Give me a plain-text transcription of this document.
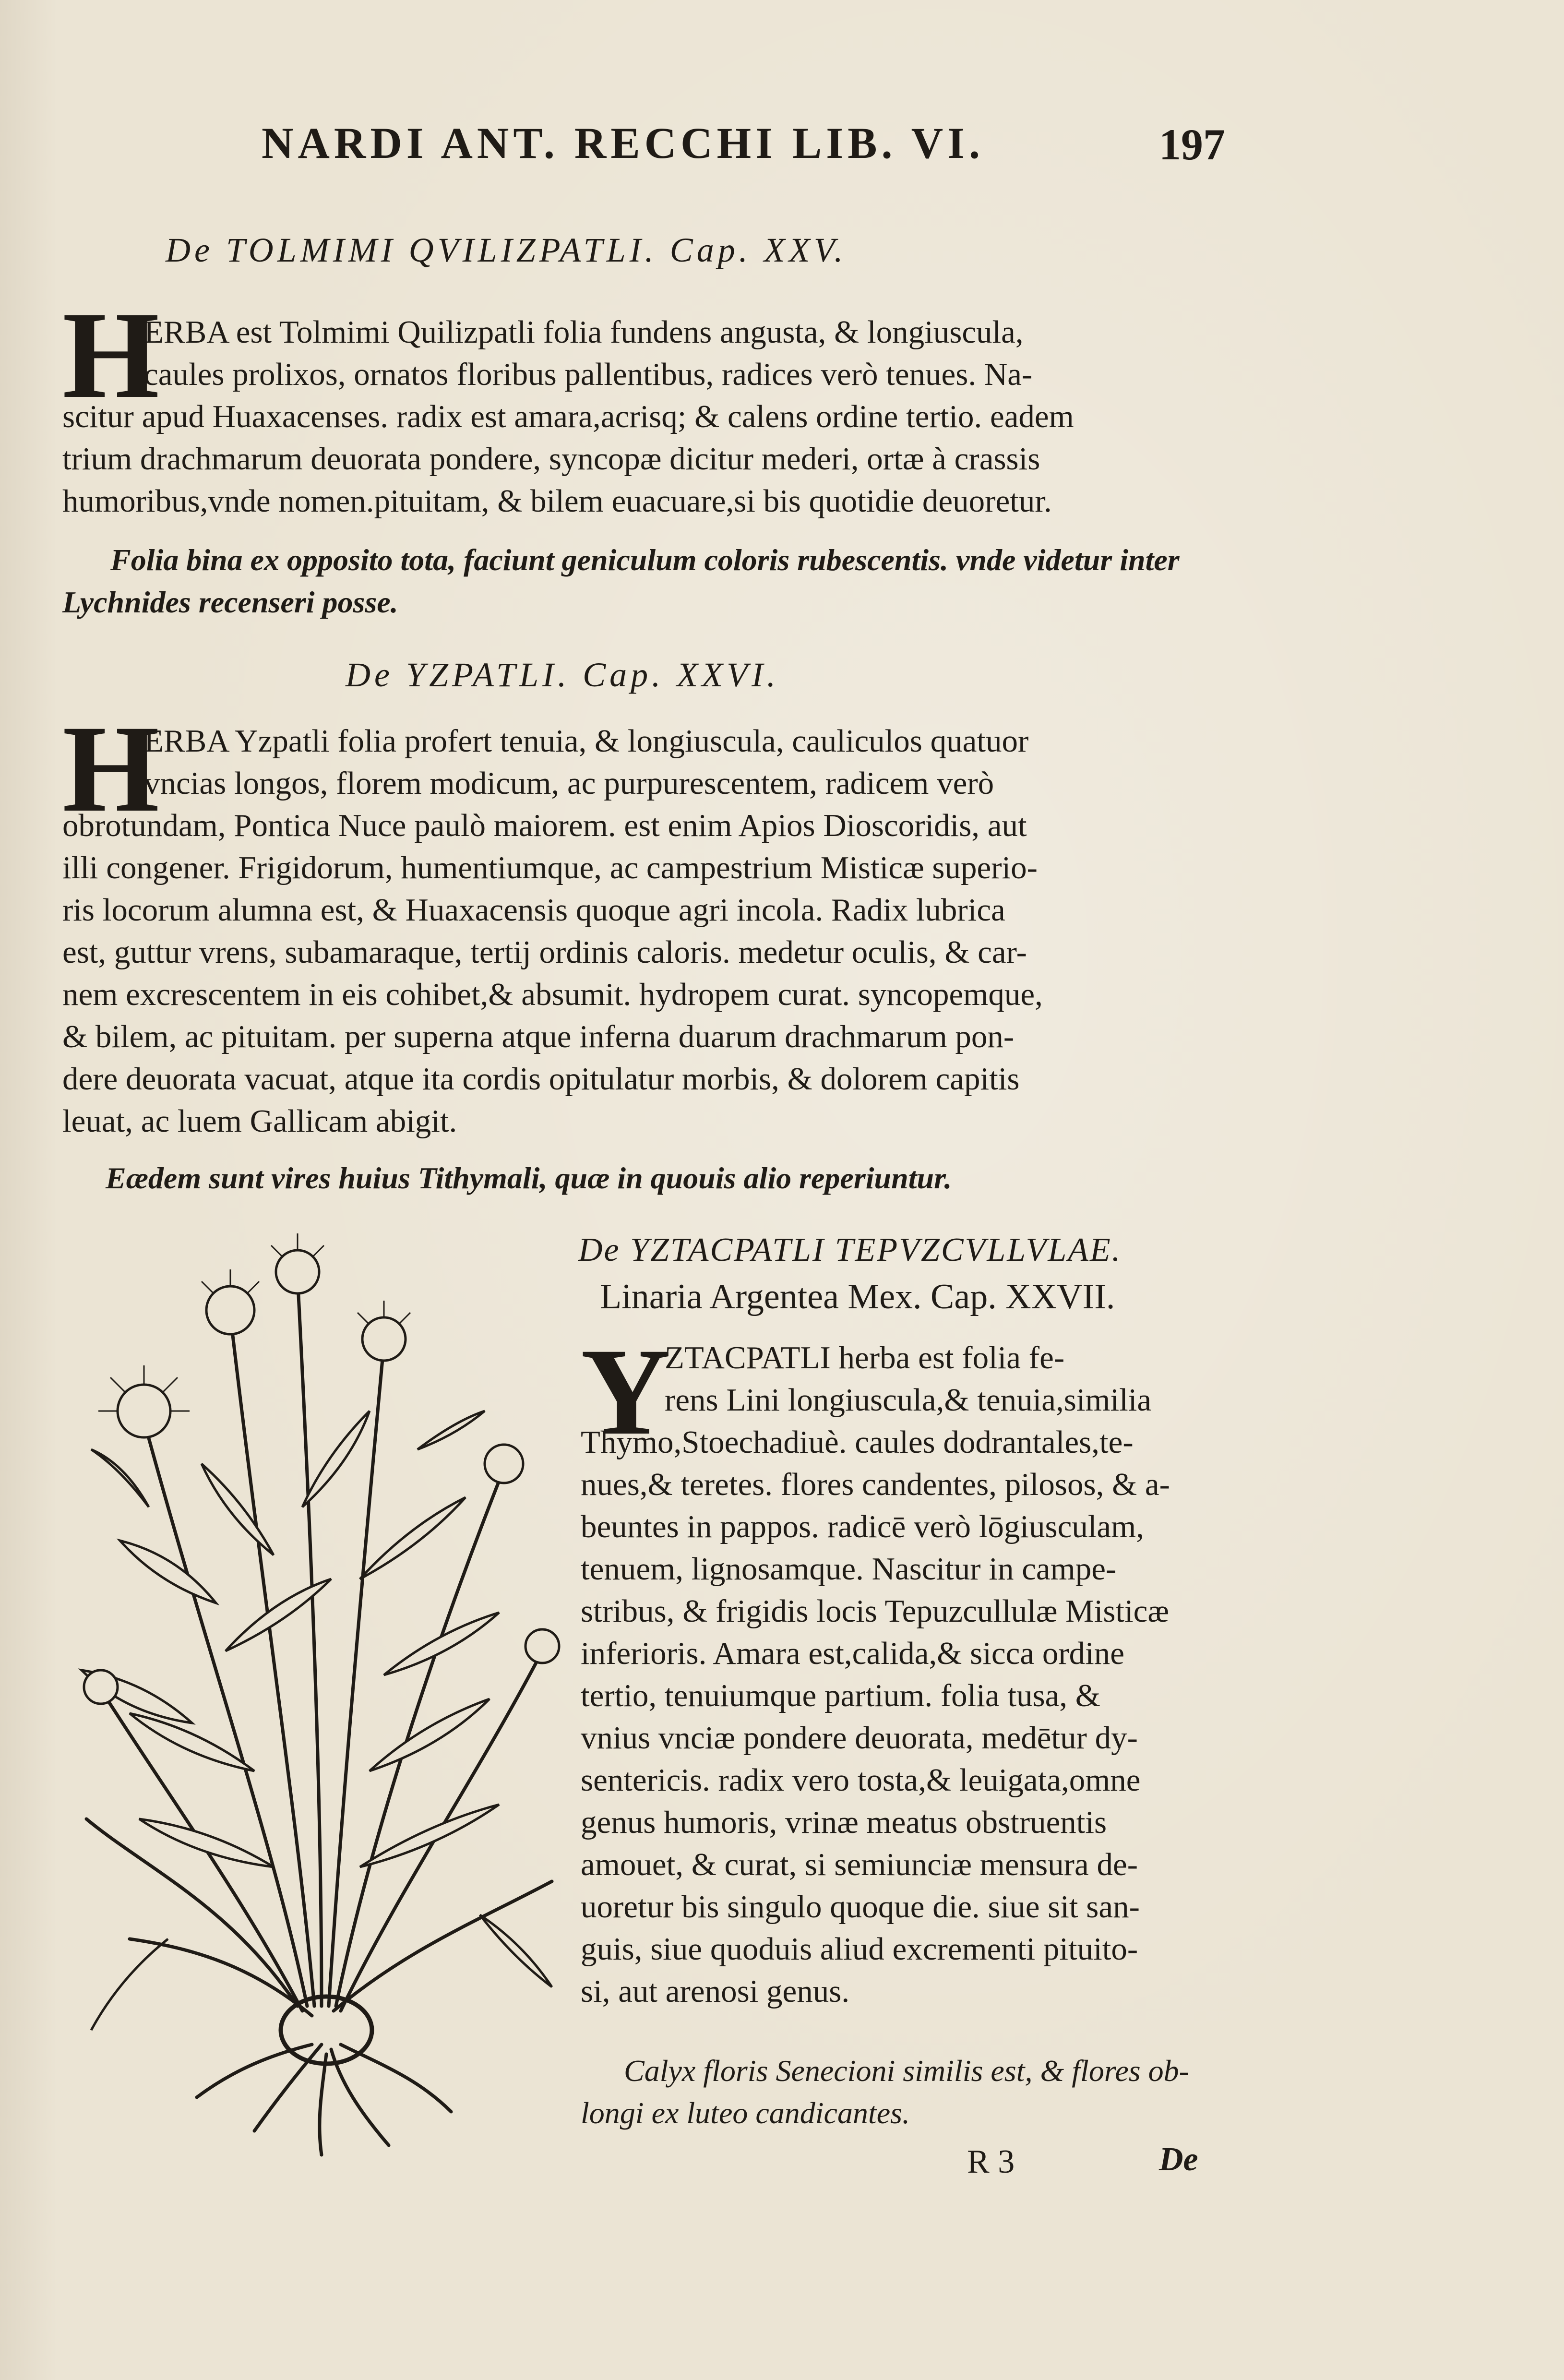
NARDI ANT. RECCHI LIB. VI.	197
De TOLMIMI QVILIZPATLI. Cap. XXV.
H
ERBA est Tolmimi Quilizpatli folia fundens angusta, & longiuscula,
caules prolixos, ornatos floribus pallentibus, radices verò tenues. Na-
scitur apud Huaxacenses. radix est amara,acrisq; & calens ordine tertio. eadem
trium drachmarum deuorata pondere, syncopæ dicitur mederi, ortæ à crassis
humoribus,vnde nomen.pituitam, & bilem euacuare,si bis quotidie deuoretur.
Folia bina ex opposito tota, faciunt geniculum coloris rubescentis. vnde videtur inter
Lychnides recenseri posse.
De YZPATLI. Cap. XXVI.
H
ERBA Yzpatli folia profert tenuia, & longiuscula, cauliculos quatuor
vncias longos, florem modicum, ac purpurescentem, radicem verò
obrotundam, Pontica Nuce paulò maiorem. est enim Apios Dioscoridis, aut
illi congener. Frigidorum, humentiumque, ac campestrium Misticæ superio-
ris locorum alumna est, & Huaxacensis quoque agri incola. Radix lubrica
est, guttur vrens, subamaraque, tertij ordinis caloris. medetur oculis, & car-
nem excrescentem in eis cohibet,& absumit. hydropem curat. syncopemque,
& bilem, ac pituitam. per superna atque inferna duarum drachmarum pon-
dere deuorata vacuat, atque ita cordis opitulatur morbis, & dolorem capitis
leuat, ac luem Gallicam abigit.
Eædem sunt vires huius Tithymali, quæ in quouis alio reperiuntur.
De YZTACPATLI TEPVZCVLLVLAE.
Linaria Argentea Mex. Cap. XXVII.
Y
ZTACPATLI herba est folia fe-
rens Lini longiuscula,& tenuia,similia
Thymo,Stoechadiuè. caules dodrantales,te-
nues,& teretes. flores candentes, pilosos, & a-
beuntes in pappos. radicē verò lōgiusculam,
tenuem, lignosamque. Nascitur in campe-
stribus, & frigidis locis Tepuzcullulæ Misticæ
inferioris. Amara est,calida,& sicca ordine
tertio, tenuiumque partium. folia tusa, &
vnius vnciæ pondere deuorata, medētur dy-
sentericis. radix vero tosta,& leuigata,omne
genus humoris, vrinæ meatus obstruentis
amouet, & curat, si semiunciæ mensura de-
uoretur bis singulo quoque die. siue sit san-
guis, siue quoduis aliud excrementi pituito-
si, aut arenosi genus.
Calyx floris Senecioni similis est, & flores ob-
longi ex luteo candicantes.
R 3	De
